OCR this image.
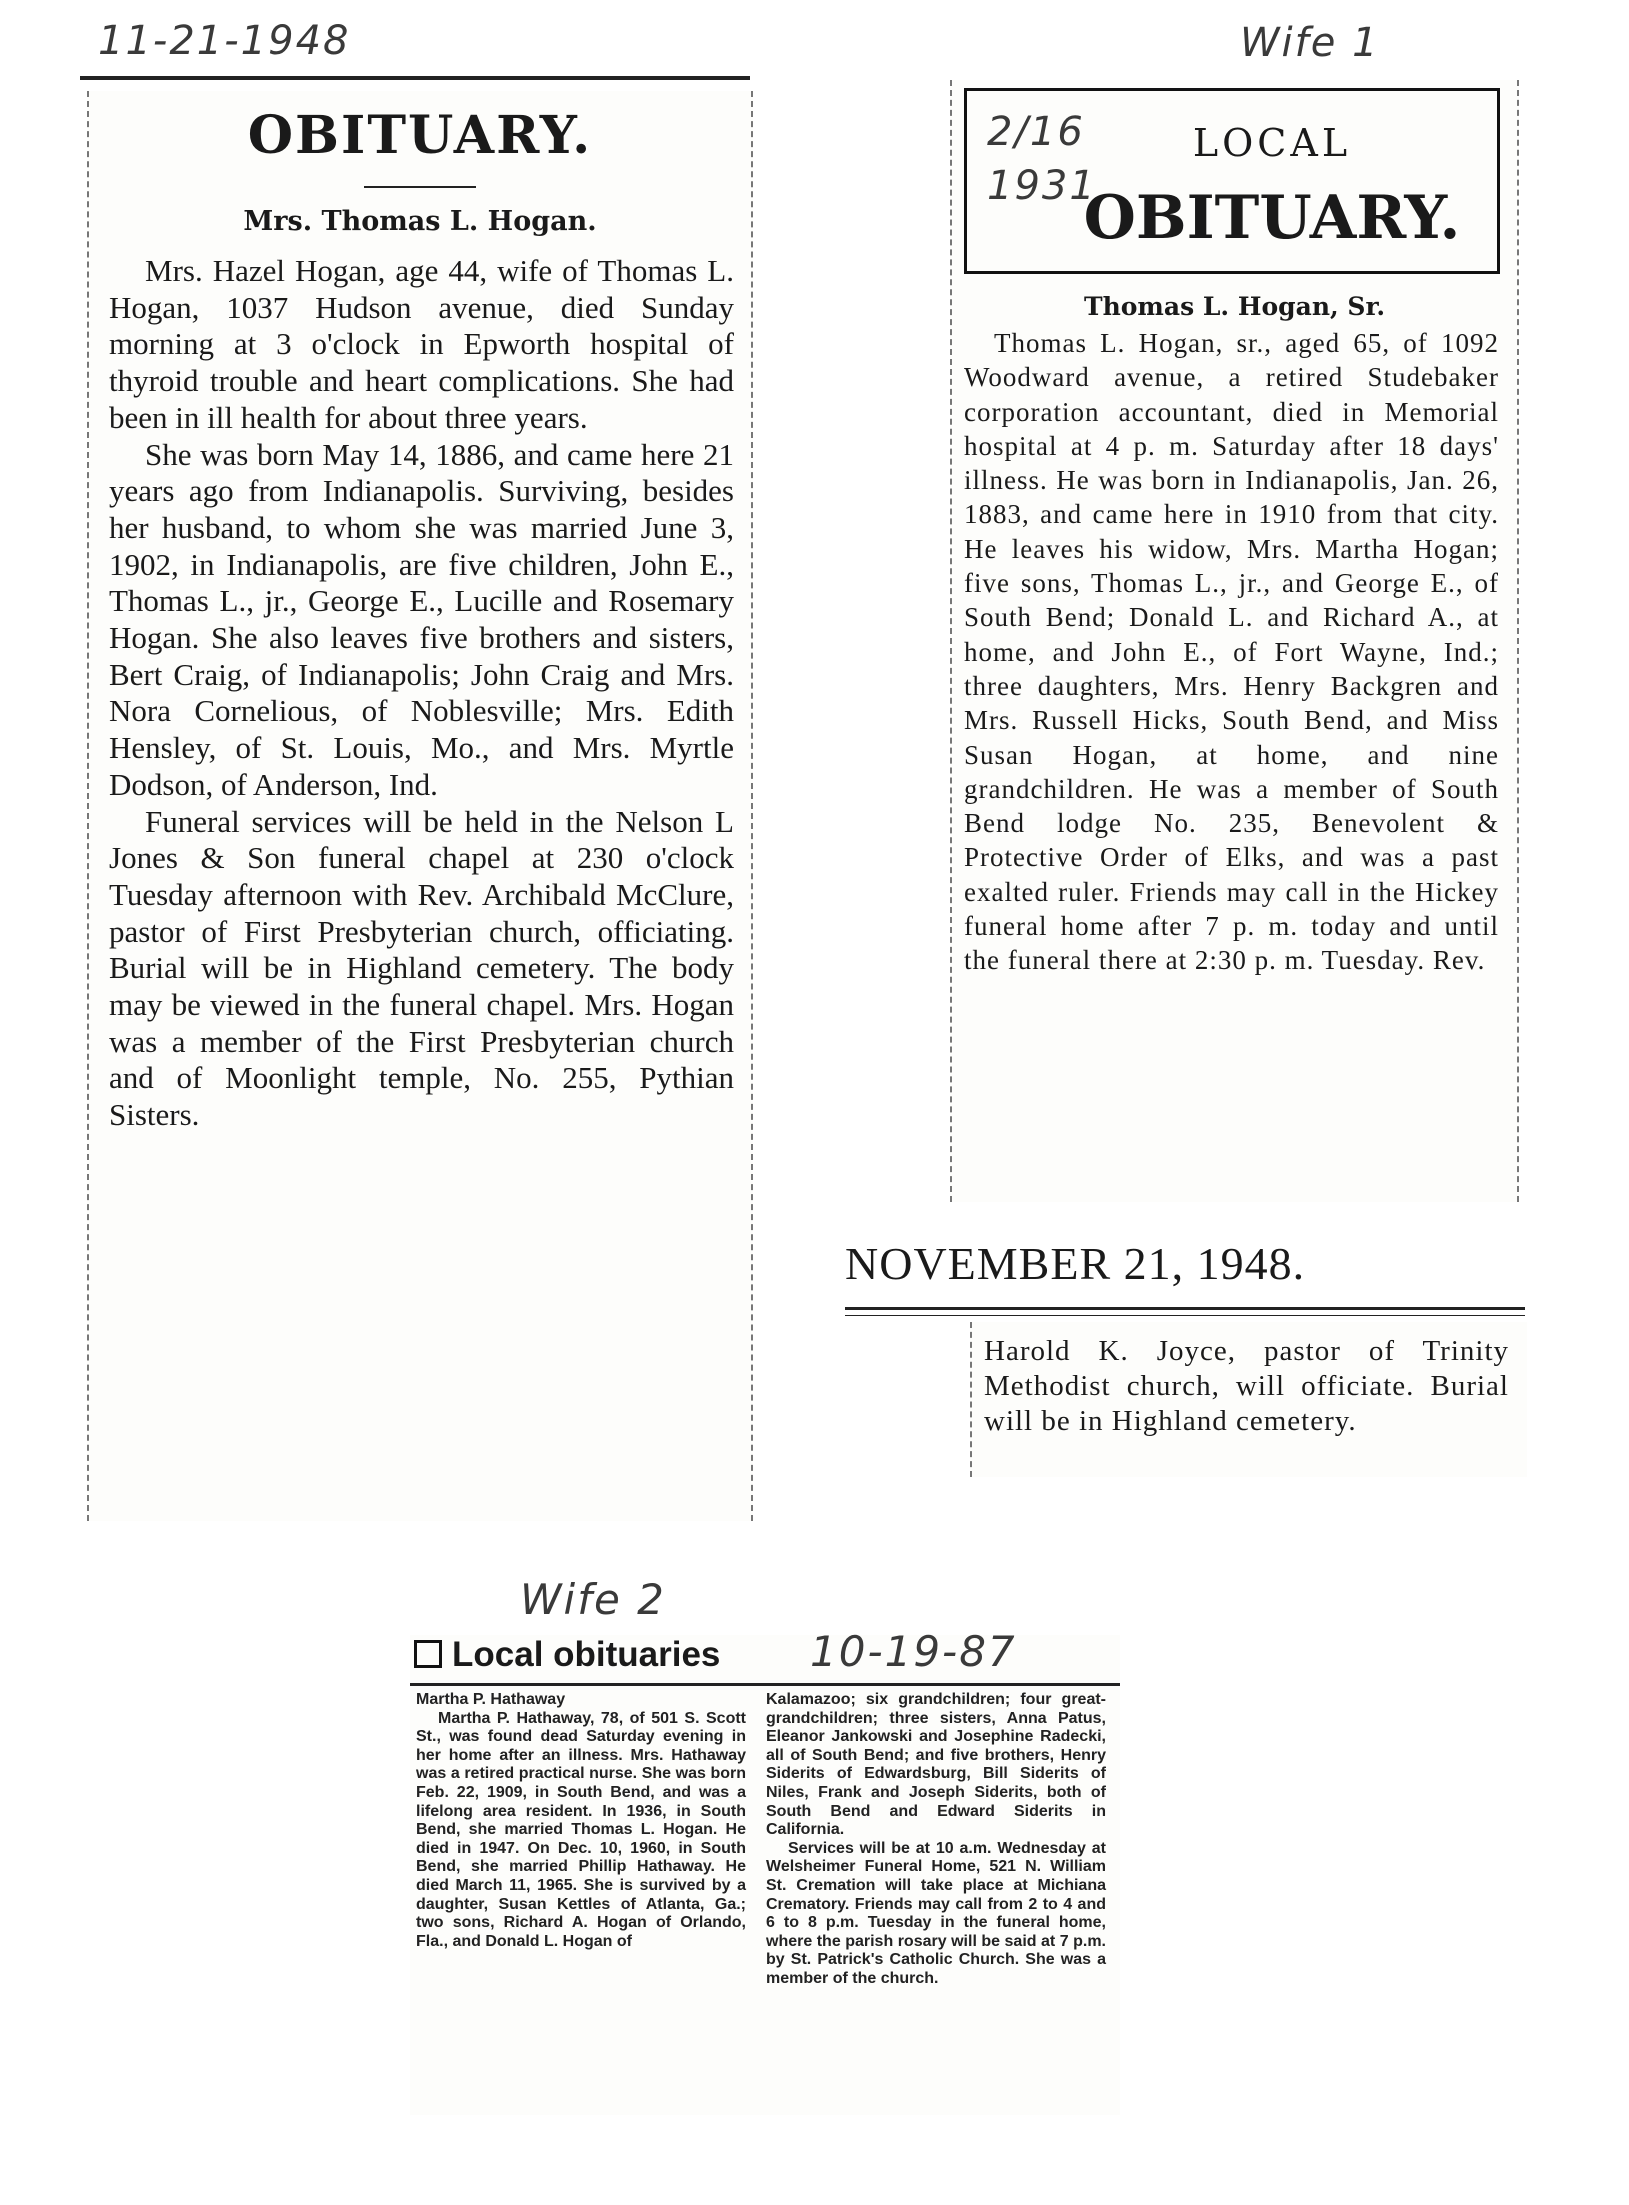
11-21-1948	Wife 1
OBITUARY.
Mrs. Thomas L. Hogan.

Mrs. Hazel Hogan, age 44, wife of Thomas L. Hogan, 1037 Hudson avenue, died Sunday morning at 3 o'clock in Epworth hospital of thyroid trouble and heart complications. She had been in ill health for about three years.

She was born May 14, 1886, and came here 21 years ago from Indianapolis. Surviving, besides her husband, to whom she was married June 3, 1902, in Indianapolis, are five children, John E., Thomas L., jr., George E., Lucille and Rosemary Hogan. She also leaves five brothers and sisters, Bert Craig, of Indianapolis; John Craig and Mrs. Nora Cornelious, of Noblesville; Mrs. Edith Hensley, of St. Louis, Mo., and Mrs. Myrtle Dodson, of Anderson, Ind.

Funeral services will be held in the Nelson L Jones & Son funeral chapel at 230 o'clock Tuesday afternoon with Rev. Archibald McClure, pastor of First Presbyterian church, officiating. Burial will be in Highland cemetery. The body may be viewed in the funeral chapel. Mrs. Hogan was a member of the First Presbyterian church and of Moonlight temple, No. 255, Pythian Sisters.

2/16
1931
LOCAL
OBITUARY.
Thomas L. Hogan, Sr.

Thomas L. Hogan, sr., aged 65, of 1092 Woodward avenue, a retired Studebaker corporation accountant, died in Memorial hospital at 4 p. m. Saturday after 18 days' illness. He was born in Indianapolis, Jan. 26, 1883, and came here in 1910 from that city. He leaves his widow, Mrs. Martha Hogan; five sons, Thomas L., jr., and George E., of South Bend; Donald L. and Richard A., at home, and John E., of Fort Wayne, Ind.; three daughters, Mrs. Henry Backgren and Mrs. Russell Hicks, South Bend, and Miss Susan Hogan, at home, and nine grandchildren. He was a member of South Bend lodge No. 235, Benevolent & Protective Order of Elks, and was a past exalted ruler. Friends may call in the Hickey funeral home after 7 p. m. today and until the funeral there at 2:30 p. m. Tuesday. Rev.

NOVEMBER 21, 1948.

Harold K. Joyce, pastor of Trinity Methodist church, will officiate. Burial will be in Highland cemetery.

Wife 2
Local obituaries 10-19-87
Martha P. Hathaway

Martha P. Hathaway, 78, of 501 S. Scott St., was found dead Saturday evening in her home after an illness. Mrs. Hathaway was a retired practical nurse. She was born Feb. 22, 1909, in South Bend, and was a lifelong area resident. In 1936, in South Bend, she married Thomas L. Hogan. He died in 1947. On Dec. 10, 1960, in South Bend, she married Phillip Hathaway. He died March 11, 1965. She is survived by a daughter, Susan Kettles of Atlanta, Ga.; two sons, Richard A. Hogan of Orlando, Fla., and Donald L. Hogan of

Kalamazoo; six grandchildren; four great-grandchildren; three sisters, Anna Patus, Eleanor Jankowski and Josephine Radecki, all of South Bend; and five brothers, Henry Siderits of Edwardsburg, Bill Siderits of Niles, Frank and Joseph Siderits, both of South Bend and Edward Siderits in California.

Services will be at 10 a.m. Wednesday at Welsheimer Funeral Home, 521 N. William St. Cremation will take place at Michiana Crematory. Friends may call from 2 to 4 and 6 to 8 p.m. Tuesday in the funeral home, where the parish rosary will be said at 7 p.m. by St. Patrick's Catholic Church. She was a member of the church.
